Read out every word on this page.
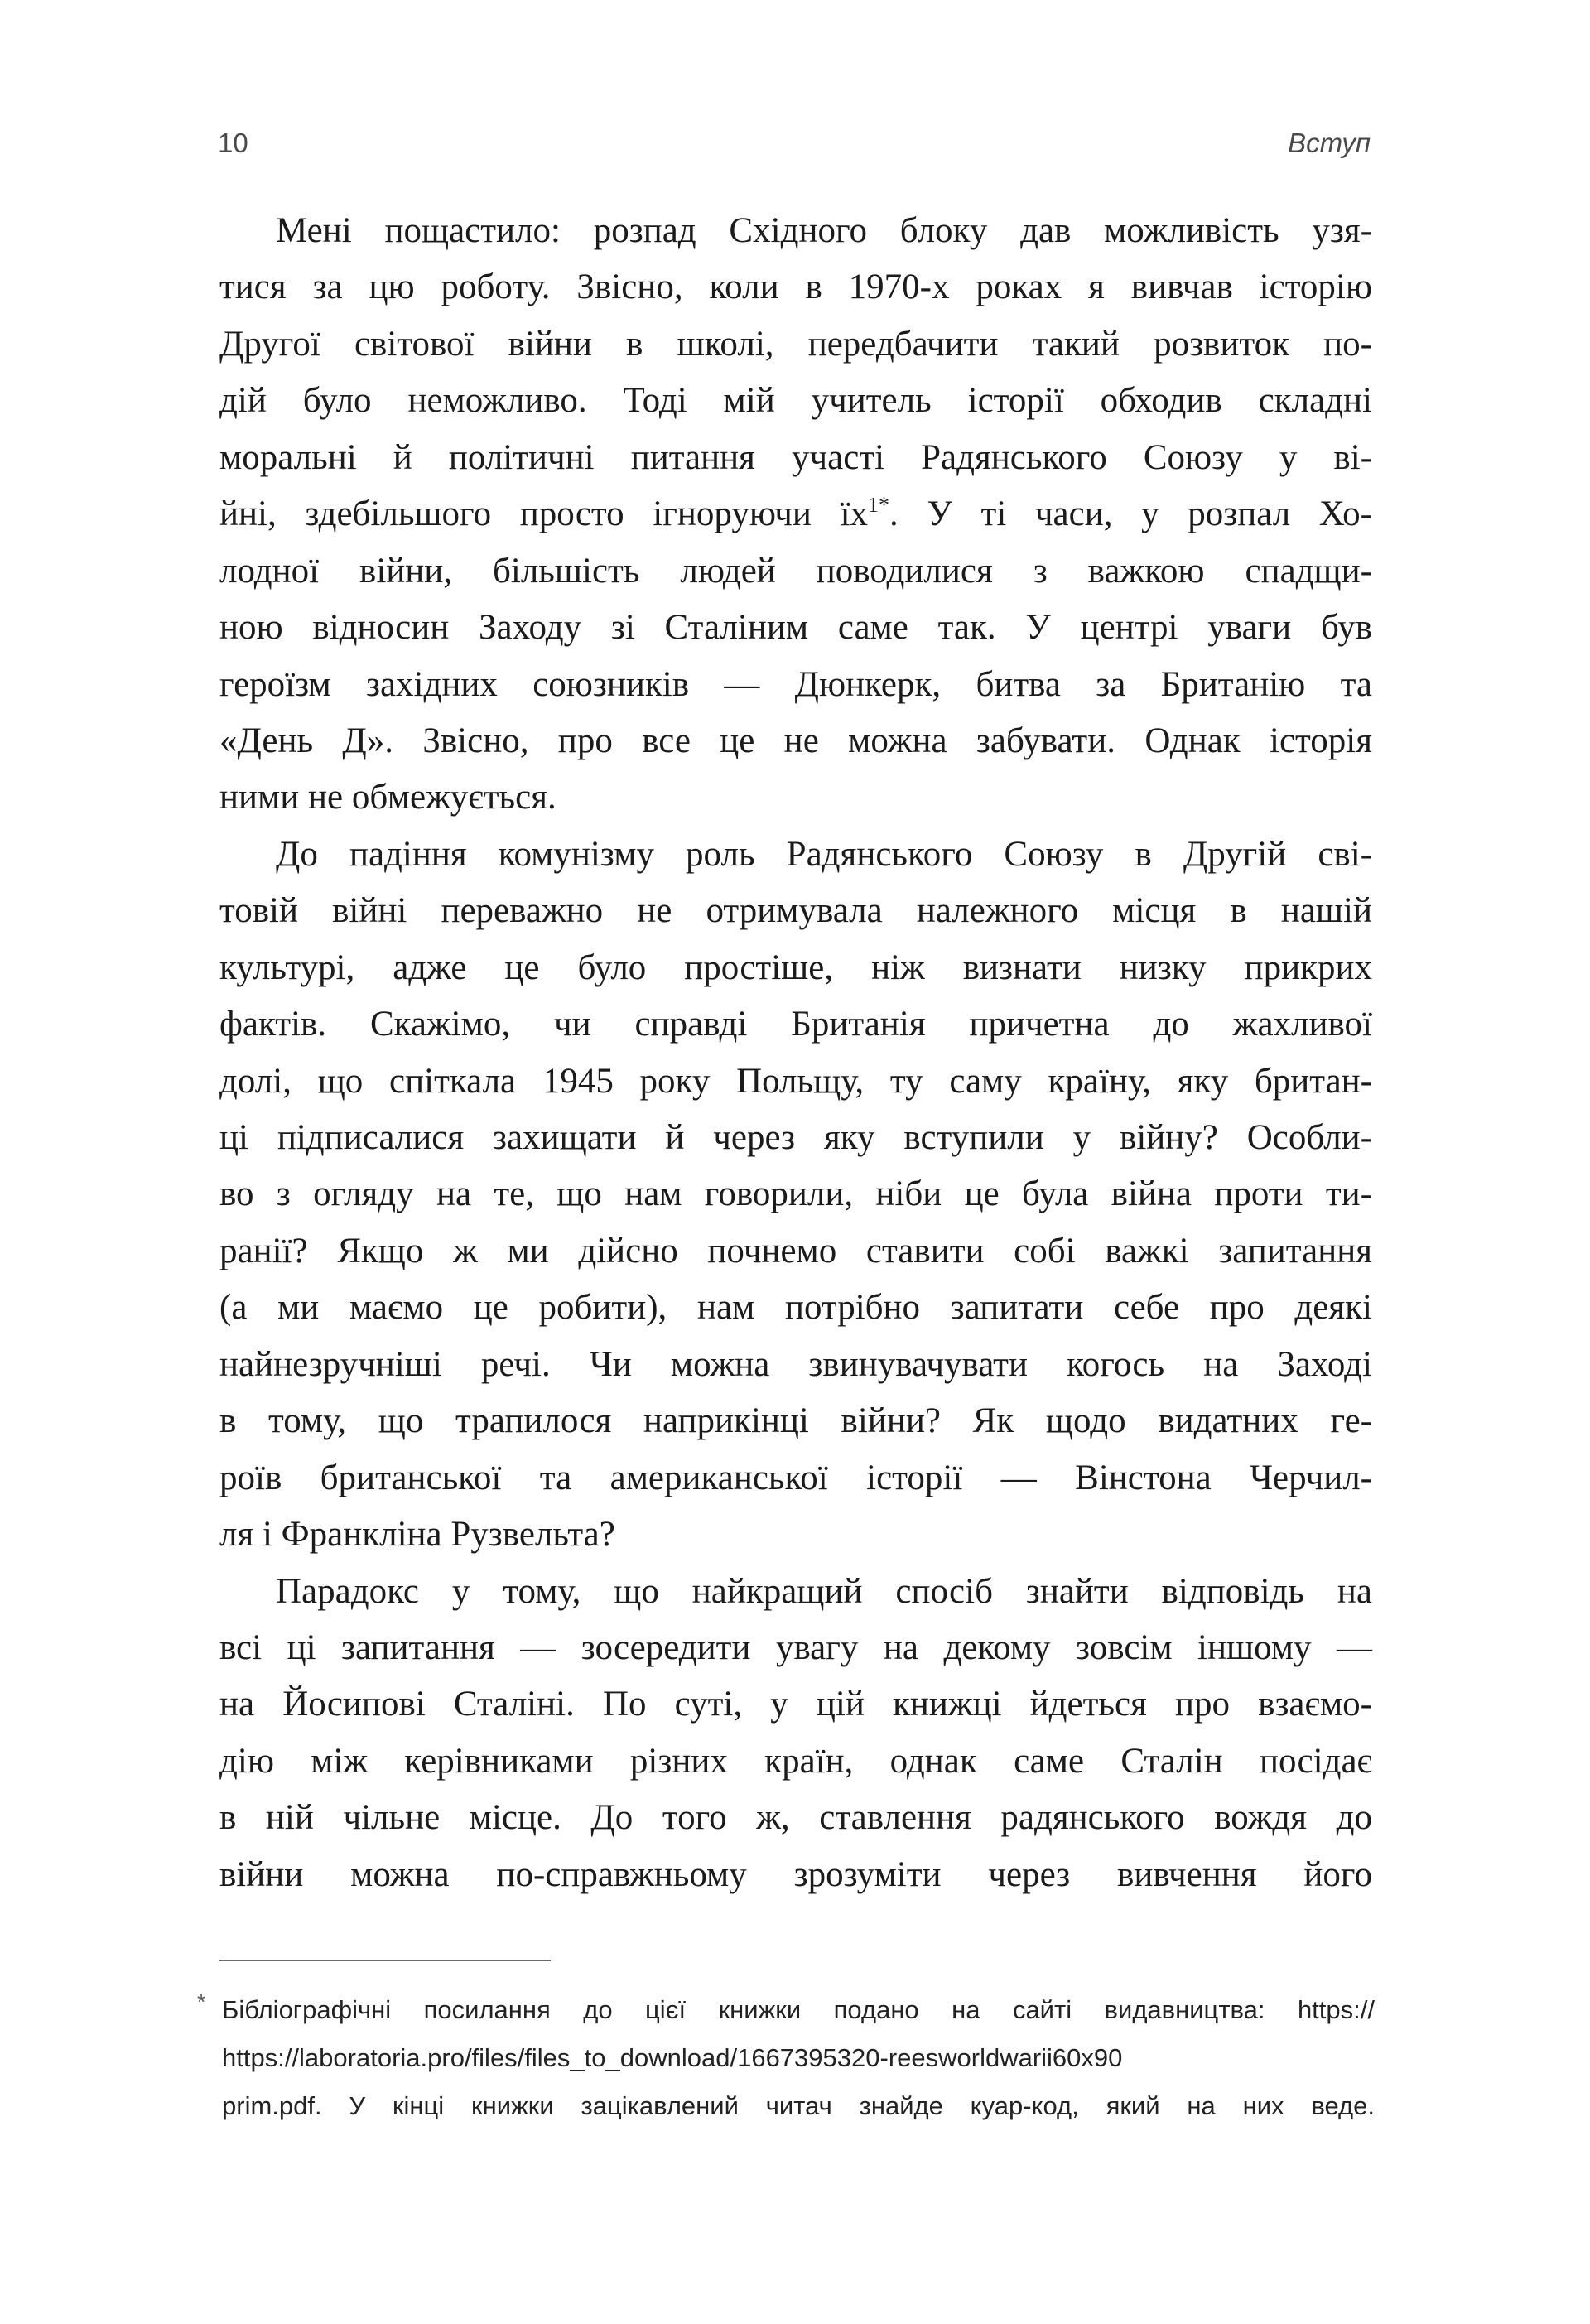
10	Вступ
Мені пощастило: розпад Східного блоку дав можливість узя-
тися за цю роботу. Звісно, коли в 1970-х роках я вивчав історію
Другої світової війни в школі, передбачити такий розвиток по-
дій було неможливо. Тоді мій учитель історії обходив складні
моральні й політичні питання участі Радянського Союзу у ві-
йні, здебільшого просто ігноруючи їх$^{1*}$. У ті часи, у розпал Хо-
лодної війни, більшість людей поводилися з важкою спадщи-
ною відносин Заходу зі Сталіним саме так. У центрі уваги був
героїзм західних союзників — Дюнкерк, битва за Британію та
«День Д». Звісно, про все це не можна забувати. Однак історія
ними не обмежується.
До падіння комунізму роль Радянського Союзу в Другій сві-
товій війні переважно не отримувала належного місця в нашій
культурі, адже це було простіше, ніж визнати низку прикрих
фактів. Скажімо, чи справді Британія причетна до жахливої
долі, що спіткала 1945 року Польщу, ту саму країну, яку британ-
ці підписалися захищати й через яку вступили у війну? Особли-
во з огляду на те, що нам говорили, ніби це була війна проти ти-
ранії? Якщо ж ми дійсно почнемо ставити собі важкі запитання
(а ми маємо це робити), нам потрібно запитати себе про деякі
найнезручніші речі. Чи можна звинувачувати когось на Заході
в тому, що трапилося наприкінці війни? Як щодо видатних ге-
роїв британської та американської історії — Вінстона Черчил-
ля і Франкліна Рузвельта?
Парадокс у тому, що найкращий спосіб знайти відповідь на
всі ці запитання — зосередити увагу на декому зовсім іншому —
на Йосипові Сталіні. По суті, у цій книжці йдеться про взаємо-
дію між керівниками різних країн, однак саме Сталін посідає
в ній чільне місце. До того ж, ставлення радянського вождя до
війни можна по-справжньому зрозуміти через вивчення його
* Бібліографічні посилання до цієї книжки подано на сайті видавництва: https://
https://laboratoria.pro/files/files_to_download/1667395320-reesworldwarii60x90
prim.pdf. У кінці книжки зацікавлений читач знайде куар-код, який на них веде.
